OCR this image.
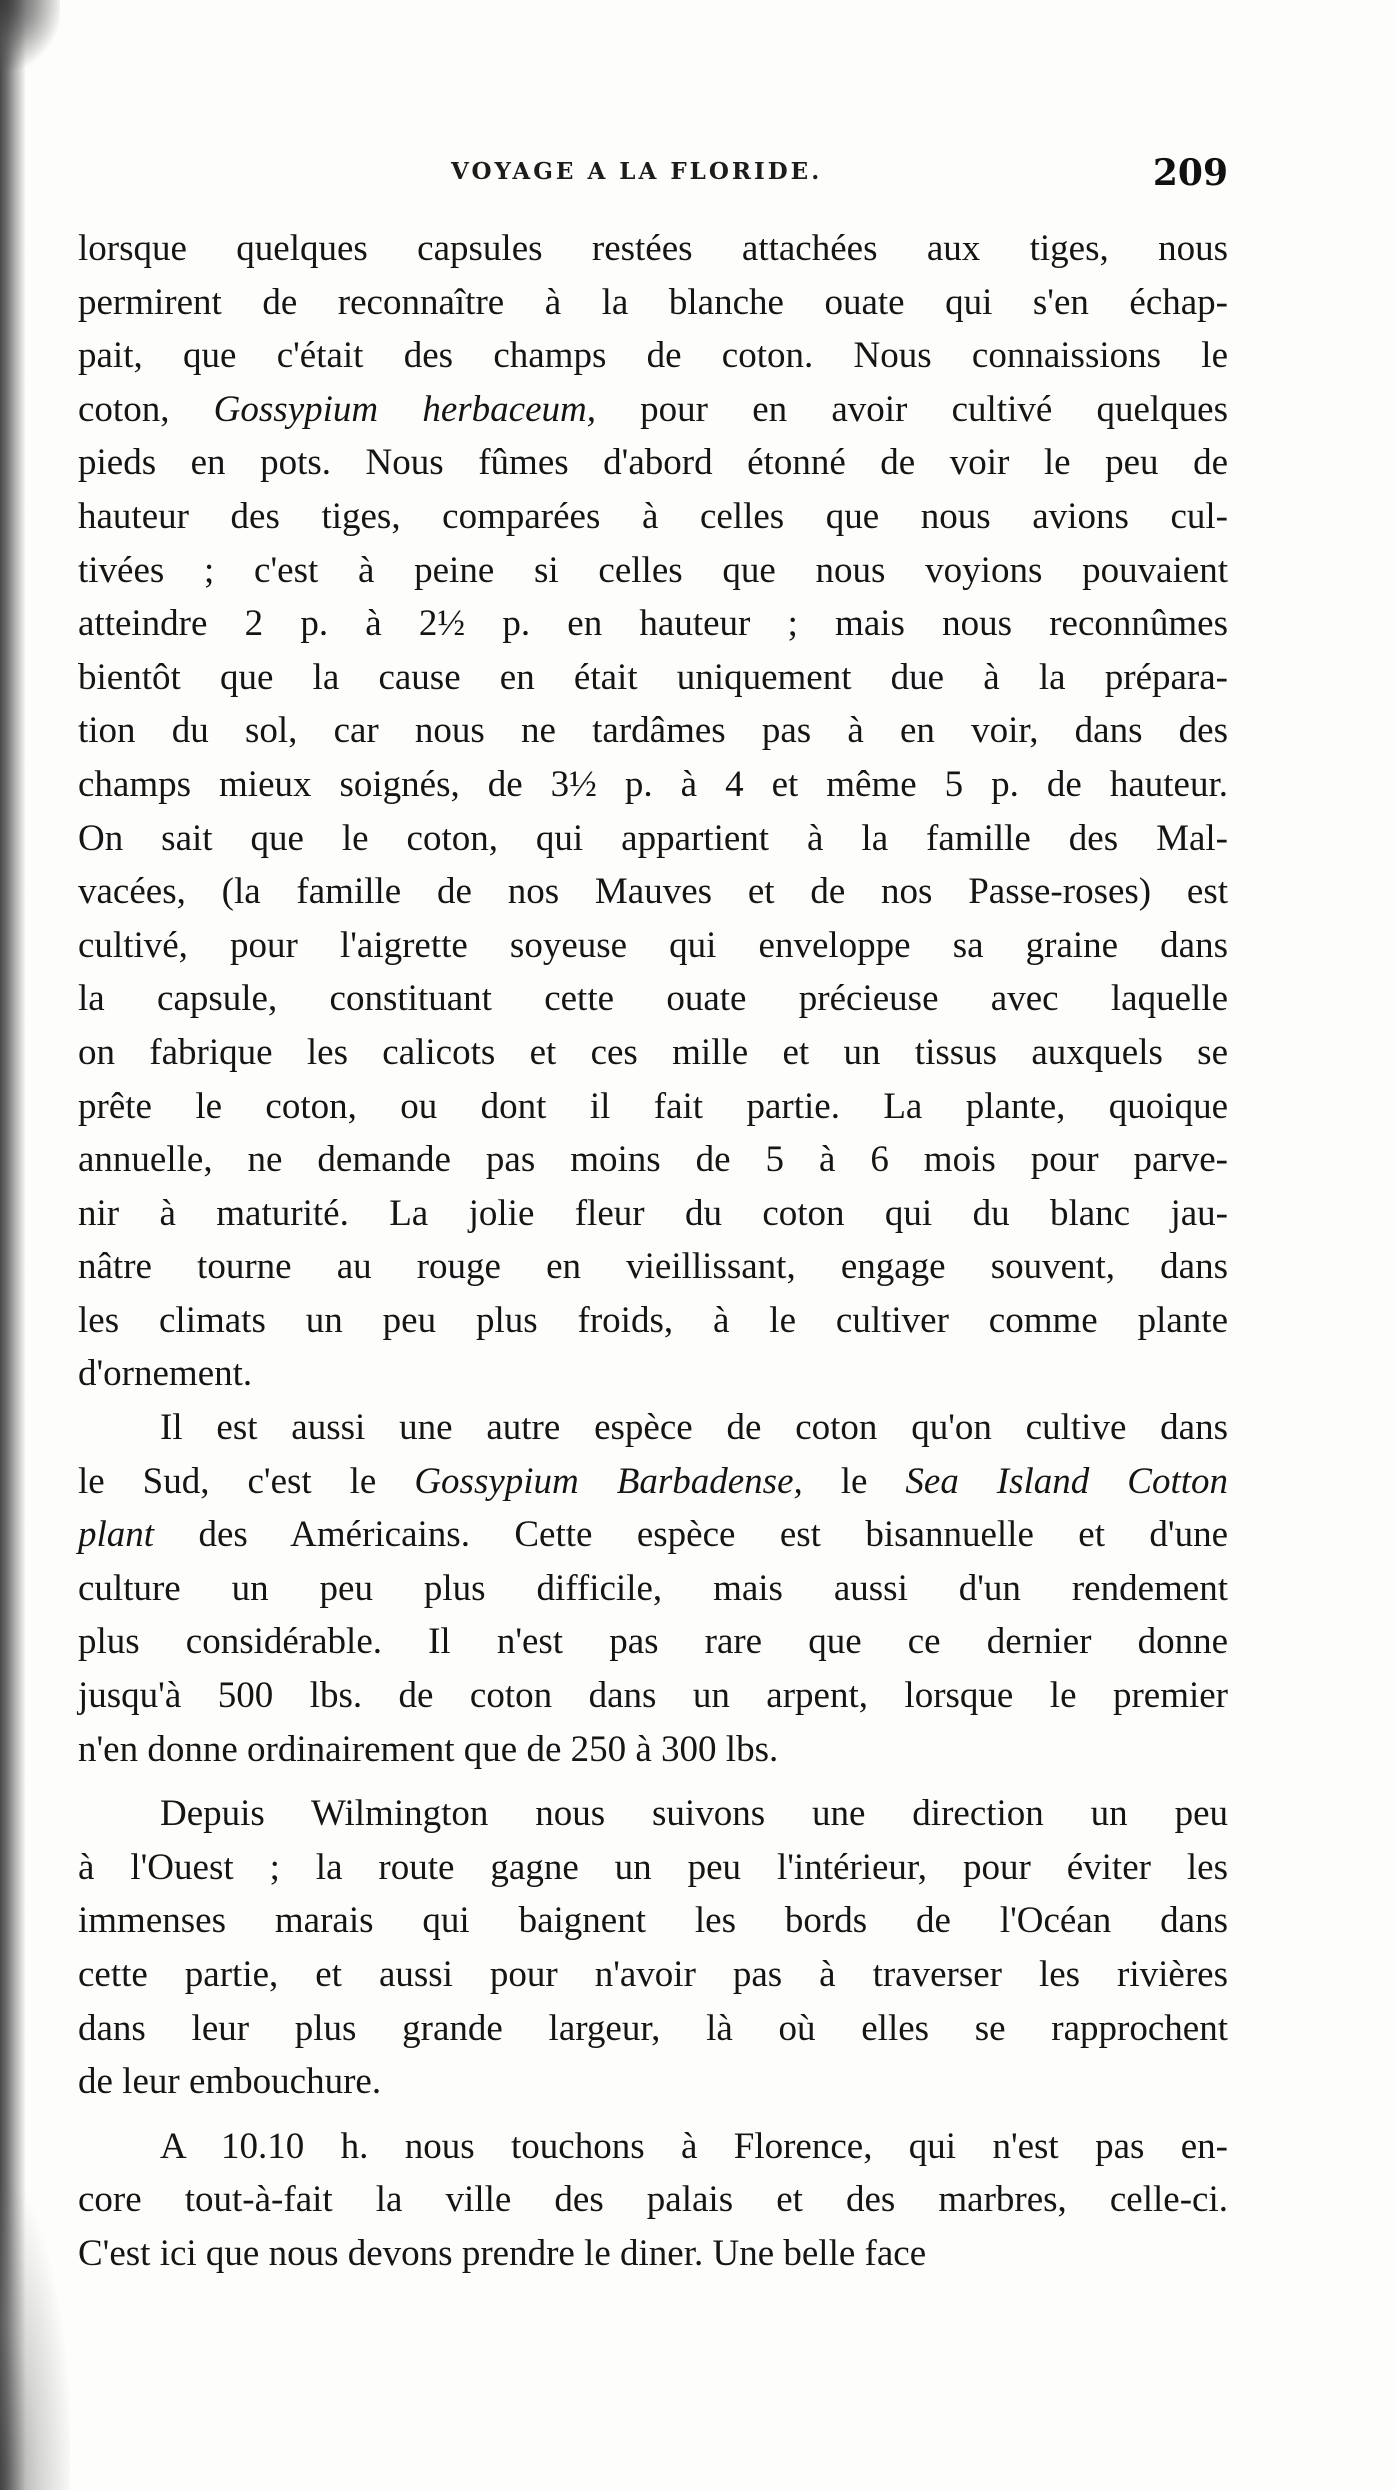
VOYAGE A LA FLORIDE.	209
lorsque quelques capsules restées attachées aux tiges, nous
permirent de reconnaître à la blanche ouate qui s'en échap-
pait, que c'était des champs de coton. Nous connaissions le
coton, Gossypium herbaceum, pour en avoir cultivé quelques
pieds en pots. Nous fûmes d'abord étonné de voir le peu de
hauteur des tiges, comparées à celles que nous avions cul-
tivées ; c'est à peine si celles que nous voyions pouvaient
atteindre 2 p. à 2½ p. en hauteur ; mais nous reconnûmes
bientôt que la cause en était uniquement due à la prépara-
tion du sol, car nous ne tardâmes pas à en voir, dans des
champs mieux soignés, de 3½ p. à 4 et même 5 p. de hauteur.
On sait que le coton, qui appartient à la famille des Mal-
vacées, (la famille de nos Mauves et de nos Passe-roses) est
cultivé, pour l'aigrette soyeuse qui enveloppe sa graine dans
la capsule, constituant cette ouate précieuse avec laquelle
on fabrique les calicots et ces mille et un tissus auxquels se
prête le coton, ou dont il fait partie. La plante, quoique
annuelle, ne demande pas moins de 5 à 6 mois pour parve-
nir à maturité. La jolie fleur du coton qui du blanc jau-
nâtre tourne au rouge en vieillissant, engage souvent, dans
les climats un peu plus froids, à le cultiver comme plante
d'ornement.
Il est aussi une autre espèce de coton qu'on cultive dans
le Sud, c'est le Gossypium Barbadense, le Sea Island Cotton
plant des Américains. Cette espèce est bisannuelle et d'une
culture un peu plus difficile, mais aussi d'un rendement
plus considérable. Il n'est pas rare que ce dernier donne
jusqu'à 500 lbs. de coton dans un arpent, lorsque le premier
n'en donne ordinairement que de 250 à 300 lbs.
Depuis Wilmington nous suivons une direction un peu
à l'Ouest ; la route gagne un peu l'intérieur, pour éviter les
immenses marais qui baignent les bords de l'Océan dans
cette partie, et aussi pour n'avoir pas à traverser les rivières
dans leur plus grande largeur, là où elles se rapprochent
de leur embouchure.
A 10.10 h. nous touchons à Florence, qui n'est pas en-
core tout-à-fait la ville des palais et des marbres, celle-ci.
C'est ici que nous devons prendre le diner. Une belle face
